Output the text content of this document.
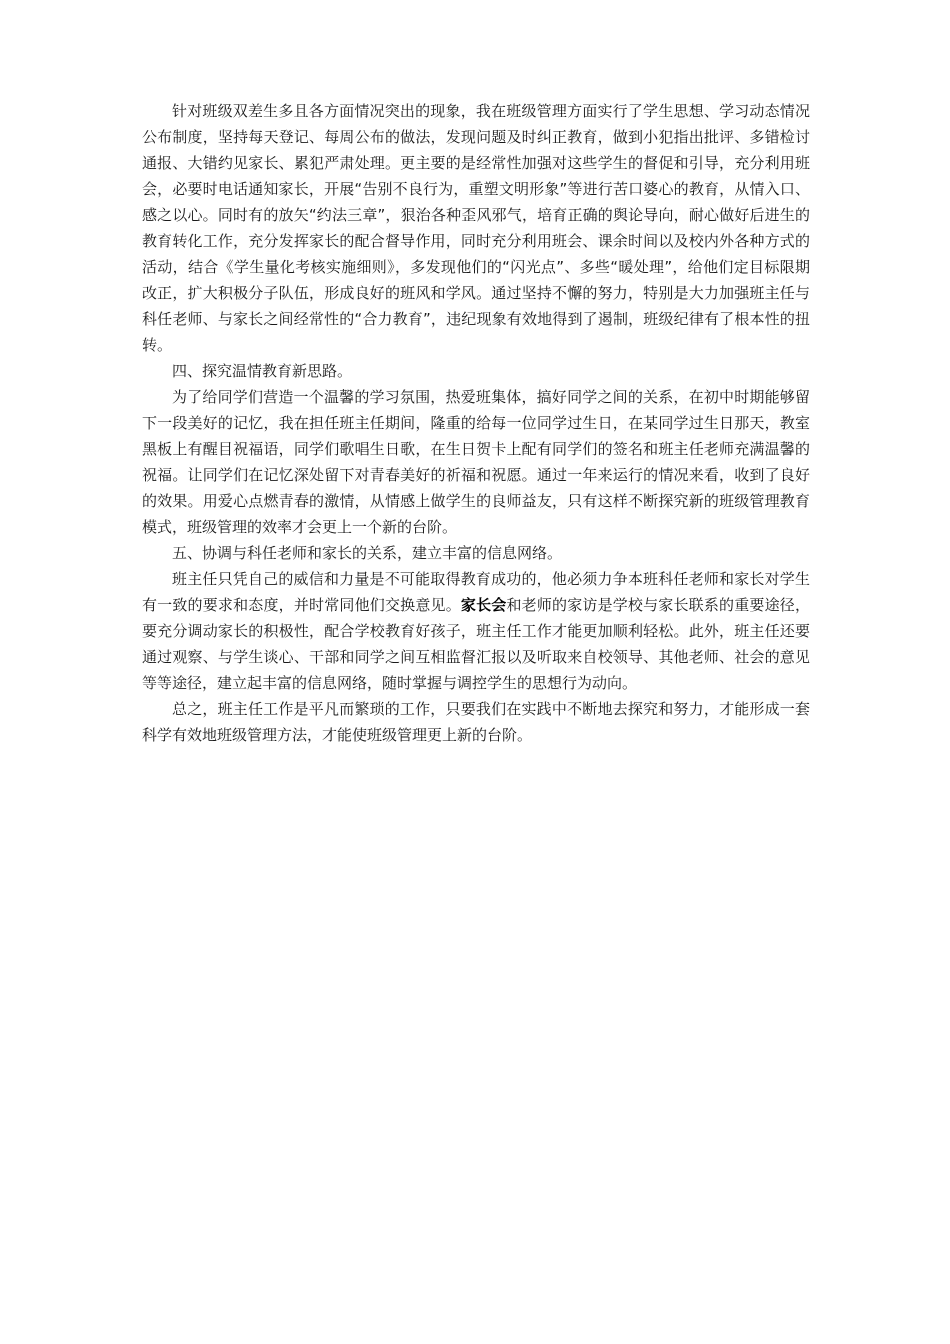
针对班级双差生多且各方面情况突出的现象，我在班级管理方面实行了学生思想、学习动态情况公布制度，坚持每天登记、每周公布的做法，发现问题及时纠正教育，做到小犯指出批评、多错检讨通报、大错约见家长、累犯严肃处理。更主要的是经常性加强对这些学生的督促和引导，充分利用班会，必要时电话通知家长，开展“告别不良行为，重塑文明形象”等进行苦口婆心的教育，从情入口、感之以心。同时有的放矢“约法三章”，狠治各种歪风邪气，培育正确的舆论导向，耐心做好后进生的教育转化工作，充分发挥家长的配合督导作用，同时充分利用班会、课余时间以及校内外各种方式的活动，结合《学生量化考核实施细则》，多发现他们的“闪光点”、多些“暖处理”，给他们定目标限期改正，扩大积极分子队伍，形成良好的班风和学风。通过坚持不懈的努力，特别是大力加强班主任与科任老师、与家长之间经常性的“合力教育”，违纪现象有效地得到了遏制，班级纪律有了根本性的扭转。

四、探究温情教育新思路。

为了给同学们营造一个温馨的学习氛围，热爱班集体，搞好同学之间的关系，在初中时期能够留下一段美好的记忆，我在担任班主任期间，隆重的给每一位同学过生日，在某同学过生日那天，教室黑板上有醒目祝福语，同学们歌唱生日歌，在生日贺卡上配有同学们的签名和班主任老师充满温馨的祝福。让同学们在记忆深处留下对青春美好的祈福和祝愿。通过一年来运行的情况来看，收到了良好的效果。用爱心点燃青春的激情，从情感上做学生的良师益友，只有这样不断探究新的班级管理教育模式，班级管理的效率才会更上一个新的台阶。

五、协调与科任老师和家长的关系，建立丰富的信息网络。

班主任只凭自己的威信和力量是不可能取得教育成功的，他必须力争本班科任老师和家长对学生有一致的要求和态度，并时常同他们交换意见。家长会和老师的家访是学校与家长联系的重要途径，要充分调动家长的积极性，配合学校教育好孩子，班主任工作才能更加顺利轻松。此外，班主任还要通过观察、与学生谈心、干部和同学之间互相监督汇报以及听取来自校领导、其他老师、社会的意见等等途径，建立起丰富的信息网络，随时掌握与调控学生的思想行为动向。

总之，班主任工作是平凡而繁琐的工作，只要我们在实践中不断地去探究和努力，才能形成一套科学有效地班级管理方法，才能使班级管理更上新的台阶。
